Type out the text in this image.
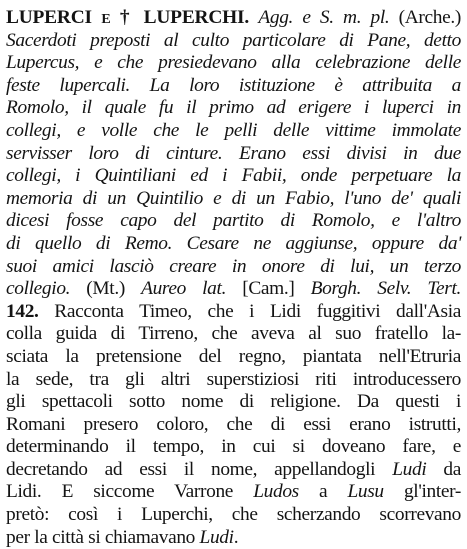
LUPERCI e † LUPERCHI. Agg. e S. m. pl. (Arche.)
Sacerdoti preposti al culto particolare di Pane, detto
Lupercus, e che presiedevano alla celebrazione delle
feste lupercali. La loro istituzione è attribuita a
Romolo, il quale fu il primo ad erigere i luperci in
collegi, e volle che le pelli delle vittime immolate
servisser loro di cinture. Erano essi divisi in due
collegi, i Quintiliani ed i Fabii, onde perpetuare la
memoria di un Quintilio e di un Fabio, l'uno de' quali
dicesi fosse capo del partito di Romolo, e l'altro
di quello di Remo. Cesare ne aggiunse, oppure da'
suoi amici lasciò creare in onore di lui, un terzo
collegio. (Mt.) Aureo lat. [Cam.] Borgh. Selv. Tert.
142. Racconta Timeo, che i Lidi fuggitivi dall'Asia
colla guida di Tirreno, che aveva al suo fratello la-
sciata la pretensione del regno, piantata nell'Etruria
la sede, tra gli altri superstiziosi riti introducessero
gli spettacoli sotto nome di religione. Da questi i
Romani presero coloro, che di essi erano istrutti,
determinando il tempo, in cui si doveano fare, e
decretando ad essi il nome, appellandogli Ludi da
Lidi. E siccome Varrone Ludos a Lusu gl'inter-
pretò: così i Luperchi, che scherzando scorrevano
per la città si chiamavano Ludi.
